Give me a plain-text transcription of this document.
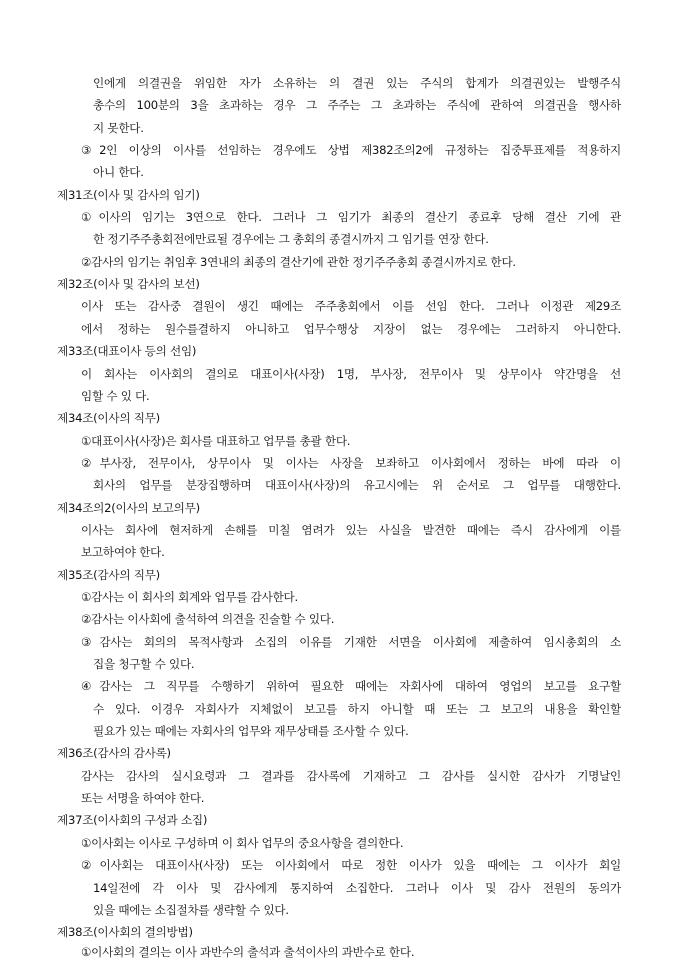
인에게 의결권을 위임한 자가 소유하는 의 결권 있는 주식의 합계가 의결권있는 발행주식
총수의 100분의 3을 초과하는 경우 그 주주는 그 초과하는 주식에 관하여 의결권을 행사하
지 못한다.
③2인 이상의 이사를 선임하는 경우에도 상법 제382조의2에 규정하는 집중투표제를 적용하지
아니 한다.
제31조(이사 및 감사의 임기)
①이사의 임기는 3연으로 한다. 그러나 그 임기가 최종의 결산기 종료후 당해 결산 기에 관
한 정기주주총회전에만료될 경우에는 그 총회의 종결시까지 그 임기를 연장 한다.
②감사의 임기는 취임후 3연내의 최종의 결산기에 관한 정기주주총회 종결시까지로 한다.
제32조(이사 및 감사의 보선)
이사 또는 감사중 결원이 생긴 때에는 주주총회에서 이를 선임 한다. 그러나 이정관 제29조
에서 정하는 원수를결하지 아니하고 업무수행상 지장이 없는 경우에는 그러하지 아니한다.
제33조(대표이사 등의 선임)
이 회사는 이사회의 결의로 대표이사(사장) 1명, 부사장, 전무이사 및 상무이사 약간명을 선
임할 수 있 다.
제34조(이사의 직무)
①대표이사(사장)은 회사를 대표하고 업무를 총괄 한다.
②부사장, 전무이사, 상무이사 및 이사는 사장을 보좌하고 이사회에서 정하는 바에 따라 이
회사의 업무를 분장집행하며 대표이사(사장)의 유고시에는 위 순서로 그 업무를 대행한다.
제34조의2(이사의 보고의무)
이사는 회사에 현저하게 손해를 미칠 염려가 있는 사실을 발견한 때에는 즉시 감사에게 이를
보고하여야 한다.
제35조(감사의 직무)
①감사는 이 회사의 회계와 업무를 감사한다.
②감사는 이사회에 출석하여 의견을 진술할 수 있다.
③감사는 회의의 목적사항과 소집의 이유를 기재한 서면을 이사회에 제출하여 임시총회의 소
집을 청구할 수 있다.
④감사는 그 직무를 수행하기 위하여 필요한 때에는 자회사에 대하여 영업의 보고를 요구할
수 있다. 이경우 자회사가 지체없이 보고를 하지 아니할 때 또는 그 보고의 내용을 확인할
필요가 있는 때에는 자회사의 업무와 재무상태를 조사할 수 있다.
제36조(감사의 감사록)
감사는 감사의 실시요령과 그 결과를 감사록에 기재하고 그 감사를 실시한 감사가 기명날인
또는 서명을 하여야 한다.
제37조(이사회의 구성과 소집)
①이사회는 이사로 구성하며 이 회사 업무의 중요사항을 결의한다.
②이사회는 대표이사(사장) 또는 이사회에서 따로 정한 이사가 있을 때에는 그 이사가 회일
14일전에 각 이사 및 감사에게 통지하여 소집한다. 그러나 이사 및 감사 전원의 동의가
있을 때에는 소집절차를 생략할 수 있다.
제38조(이사회의 결의방법)
①이사회의 결의는 이사 과반수의 출석과 출석이사의 과반수로 한다.
